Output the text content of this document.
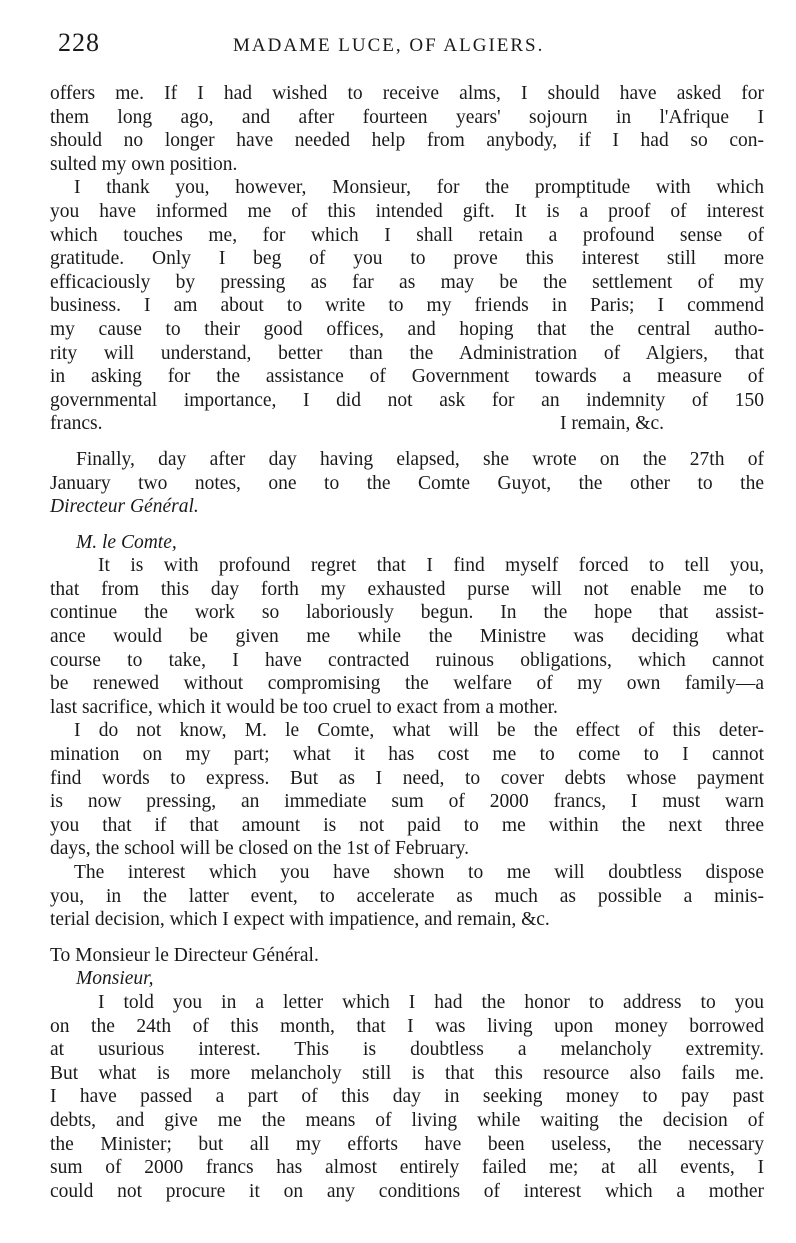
228	MADAME LUCE, OF ALGIERS.
offers me. If I had wished to receive alms, I should have asked for
them long ago, and after fourteen years' sojourn in l'Afrique I
should no longer have needed help from anybody, if I had so con-
sulted my own position.
I thank you, however, Monsieur, for the promptitude with which
you have informed me of this intended gift. It is a proof of interest
which touches me, for which I shall retain a profound sense of
gratitude. Only I beg of you to prove this interest still more
efficaciously by pressing as far as may be the settlement of my
business. I am about to write to my friends in Paris; I commend
my cause to their good offices, and hoping that the central autho-
rity will understand, better than the Administration of Algiers, that
in asking for the assistance of Government towards a measure of
governmental importance, I did not ask for an indemnity of 150
francs.	I remain, &c.
Finally, day after day having elapsed, she wrote on the 27th of
January two notes, one to the Comte Guyot, the other to the
Directeur Général.
M. le Comte,
It is with profound regret that I find myself forced to tell you,
that from this day forth my exhausted purse will not enable me to
continue the work so laboriously begun. In the hope that assist-
ance would be given me while the Ministre was deciding what
course to take, I have contracted ruinous obligations, which cannot
be renewed without compromising the welfare of my own family—a
last sacrifice, which it would be too cruel to exact from a mother.
I do not know, M. le Comte, what will be the effect of this deter-
mination on my part; what it has cost me to come to I cannot
find words to express. But as I need, to cover debts whose payment
is now pressing, an immediate sum of 2000 francs, I must warn
you that if that amount is not paid to me within the next three
days, the school will be closed on the 1st of February.
The interest which you have shown to me will doubtless dispose
you, in the latter event, to accelerate as much as possible a minis-
terial decision, which I expect with impatience, and remain, &c.
To Monsieur le Directeur Général.
Monsieur,
I told you in a letter which I had the honor to address to you
on the 24th of this month, that I was living upon money borrowed
at usurious interest. This is doubtless a melancholy extremity.
But what is more melancholy still is that this resource also fails me.
I have passed a part of this day in seeking money to pay past
debts, and give me the means of living while waiting the decision of
the Minister; but all my efforts have been useless, the necessary
sum of 2000 francs has almost entirely failed me; at all events, I
could not procure it on any conditions of interest which a mother
